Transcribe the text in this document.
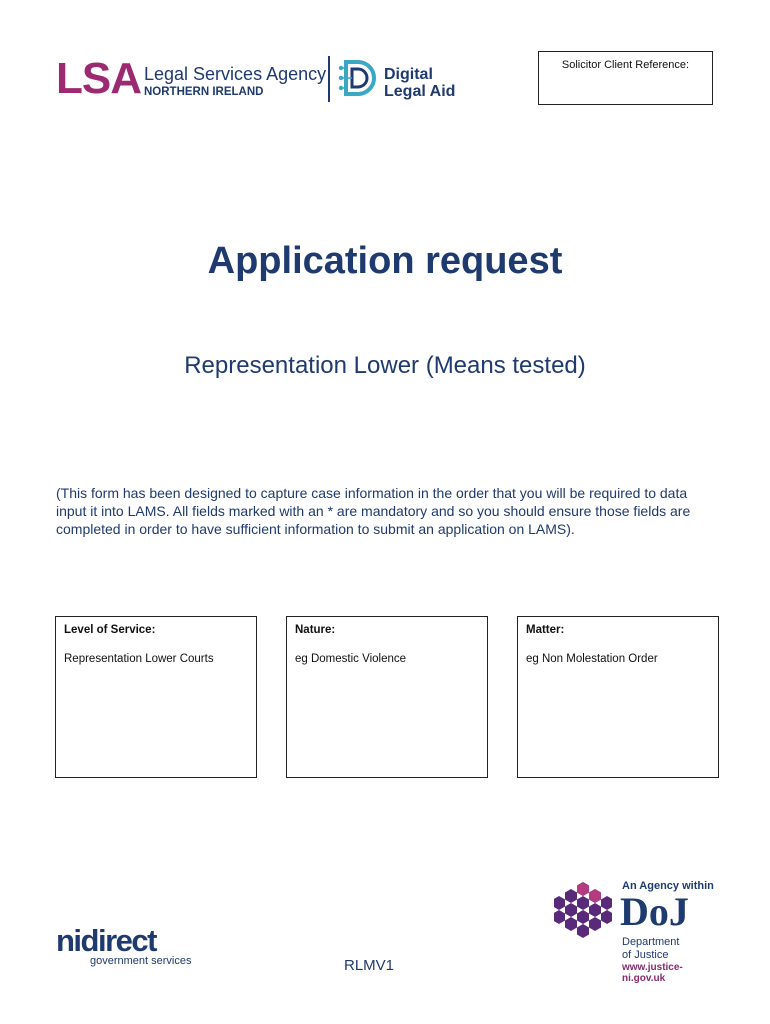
LSA Legal Services Agency
NORTHERN IRELAND
Digital
Legal Aid
Solicitor Client Reference:
Application request
Representation Lower (Means tested)
(This form has been designed to capture case information in the order that you will be required to data input it into LAMS. All fields marked with an * are mandatory and so you should ensure those fields are completed in order to have sufficient information to submit an application on LAMS).
Level of Service:
Representation Lower Courts
Nature:
eg Domestic Violence
Matter:
eg Non Molestation Order
nidirect
government services	RLMV1
An Agency within
DoJ
Department
of Justice
www.justice-ni.gov.uk
